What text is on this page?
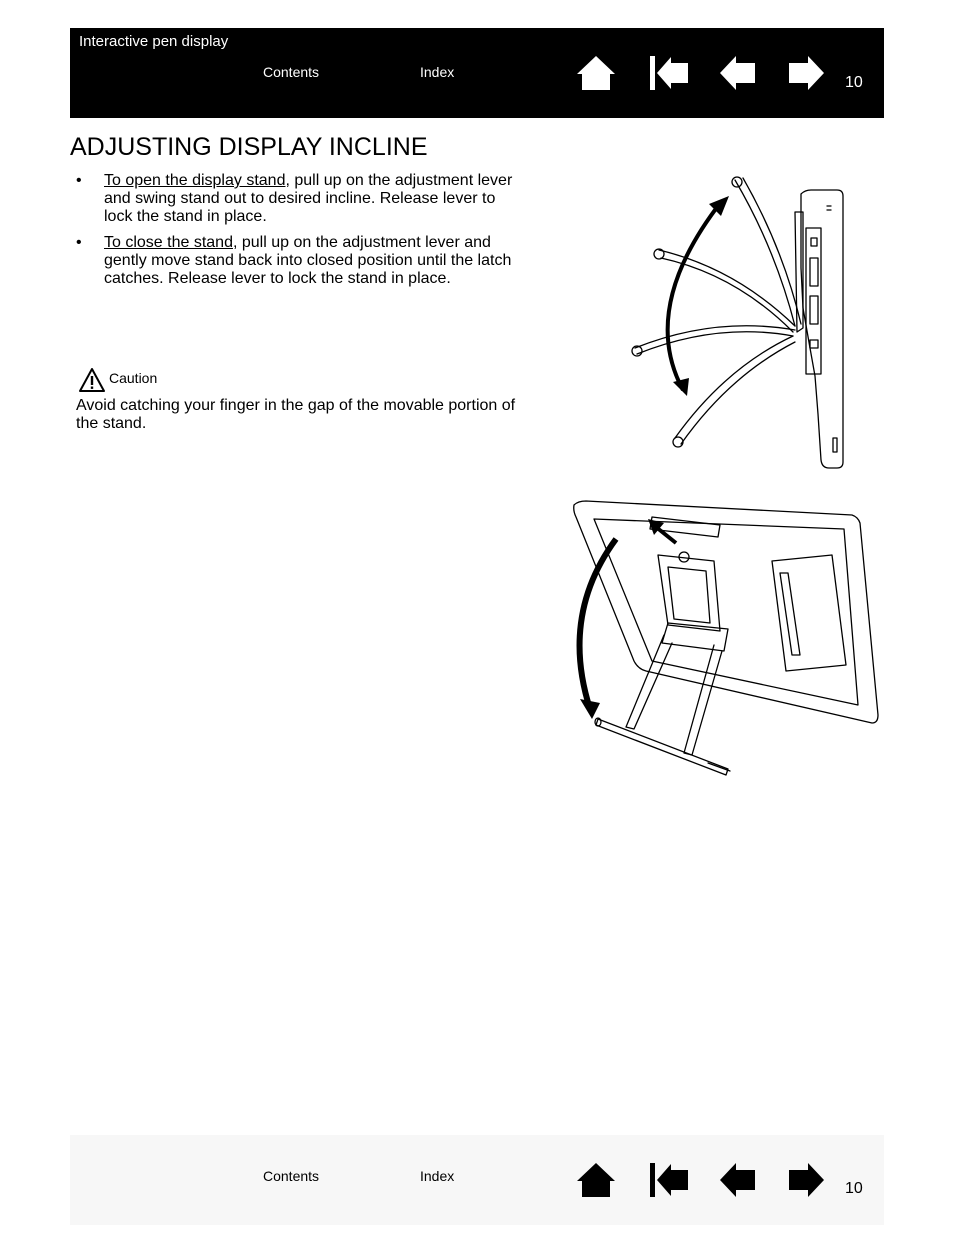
Interactive pen display
Contents	Index
10
ADJUSTING DISPLAY INCLINE
• To open the display stand, pull up on the adjustment lever and swing stand out to desired incline. Release lever to lock the stand in place.
• To close the stand, pull up on the adjustment lever and gently move stand back into closed position until the latch catches. Release lever to lock the stand in place.
Caution
Avoid catching your finger in the gap of the movable portion of the stand.
Contents	Index
10
